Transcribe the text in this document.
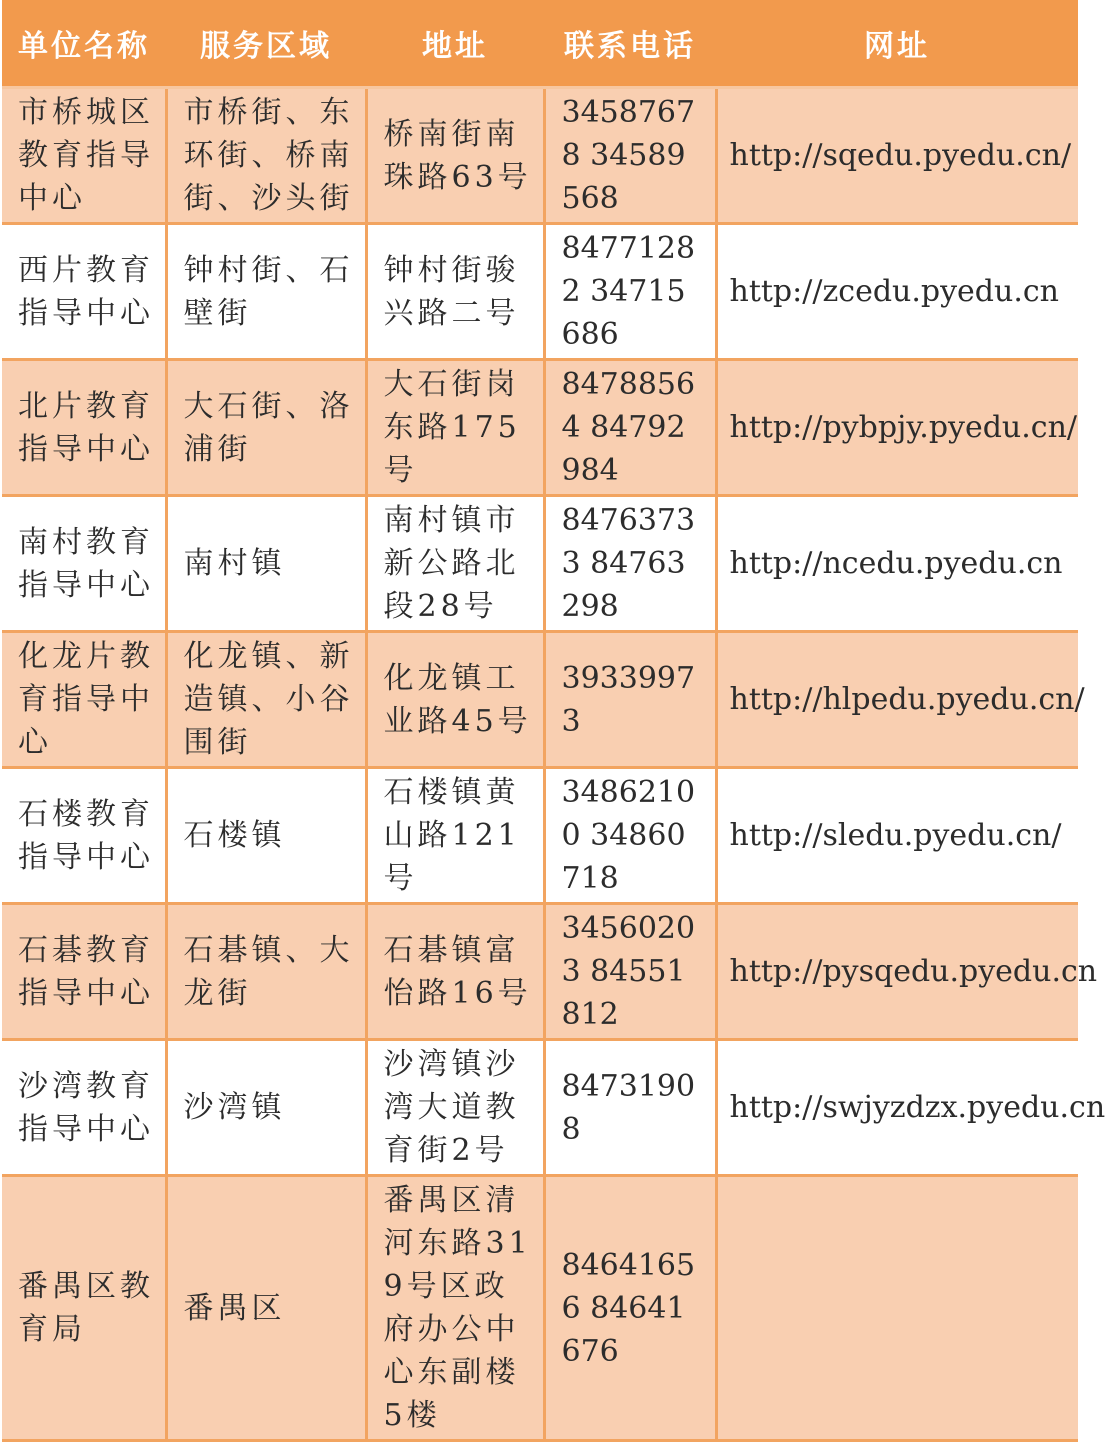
单位名称	服务区域	地址	联系电话	网址
市桥城区教育指导中心	市桥街、东环街、桥南街、沙头街	桥南街南珠路63号	34587678 34589568	http://sqedu.pyedu.cn/
西片教育指导中心	钟村街、石壁街	钟村街骏兴路二号	84771282 34715686	http://zcedu.pyedu.cn
北片教育指导中心	大石街、洛浦街	大石街岗东路175号	84788564 84792984	http://pybpjy.pyedu.cn/
南村教育指导中心	南村镇	南村镇市新公路北段28号	84763733 84763298	http://ncedu.pyedu.cn
化龙片教育指导中心	化龙镇、新造镇、小谷围街	化龙镇工业路45号	39339973	http://hlpedu.pyedu.cn/
石楼教育指导中心	石楼镇	石楼镇黄山路121号	34862100 34860718	http://sledu.pyedu.cn/
石碁教育指导中心	石碁镇、大龙街	石碁镇富怡路16号	34560203 84551812	http://pysqedu.pyedu.cn
沙湾教育指导中心	沙湾镇	沙湾镇沙湾大道教育街2号	84731908	http://swjyzdzx.pyedu.cn
番禺区教育局	番禺区	番禺区清河东路319号区政府办公中心东副楼5楼	84641656 84641676	
